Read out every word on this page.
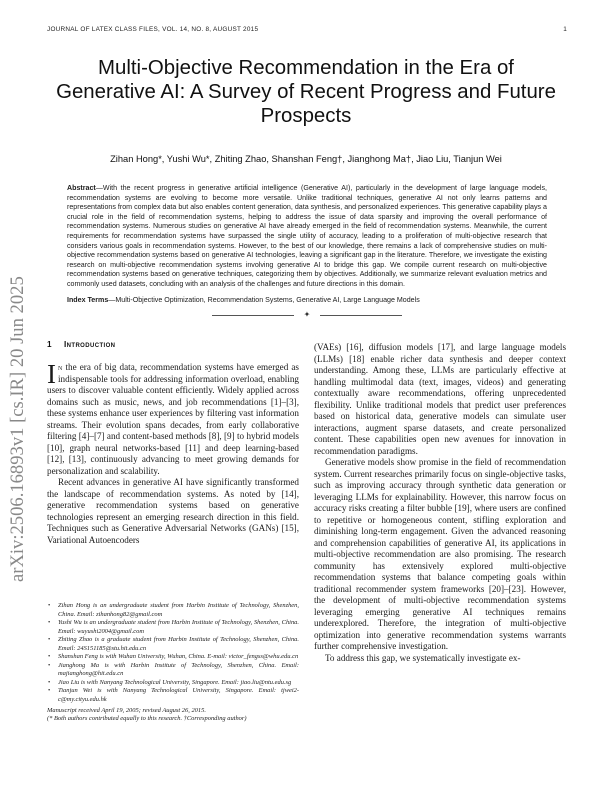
JOURNAL OF LATEX CLASS FILES, VOL. 14, NO. 8, AUGUST 2015	1
arXiv:2506.16893v1 [cs.IR] 20 Jun 2025
Multi-Objective Recommendation in the Era of Generative AI: A Survey of Recent Progress and Future Prospects
Zihan Hong*, Yushi Wu*, Zhiting Zhao, Shanshan Feng†, Jianghong Ma†, Jiao Liu, Tianjun Wei
Abstract—With the recent progress in generative artificial intelligence (Generative AI), particularly in the development of large language models, recommendation systems are evolving to become more versatile. Unlike traditional techniques, generative AI not only learns patterns and representations from complex data but also enables content generation, data synthesis, and personalized experiences. This generative capability plays a crucial role in the field of recommendation systems, helping to address the issue of data sparsity and improving the overall performance of recommendation systems. Numerous studies on generative AI have already emerged in the field of recommendation systems. Meanwhile, the current requirements for recommendation systems have surpassed the single utility of accuracy, leading to a proliferation of multi-objective research that considers various goals in recommendation systems. However, to the best of our knowledge, there remains a lack of comprehensive studies on multi-objective recommendation systems based on generative AI technologies, leaving a significant gap in the literature. Therefore, we investigate the existing research on multi-objective recommendation systems involving generative AI to bridge this gap. We compile current research on multi-objective recommendation systems based on generative techniques, categorizing them by objectives. Additionally, we summarize relevant evaluation metrics and commonly used datasets, concluding with an analysis of the challenges and future directions in this domain.
Index Terms—Multi-Objective Optimization, Recommendation Systems, Generative AI, Large Language Models
✦
1 Introduction

In the era of big data, recommendation systems have emerged as indispensable tools for addressing information overload, enabling users to discover valuable content efficiently. Widely applied across domains such as music, news, and job recommendations [1]–[3], these systems enhance user experiences by filtering vast information streams. Their evolution spans decades, from early collaborative filtering [4]–[7] and content-based methods [8], [9] to hybrid models [10], graph neural networks-based [11] and deep learning-based [12], [13], continuously advancing to meet growing demands for personalization and scalability.

Recent advances in generative AI have significantly transformed the landscape of recommendation systems. As noted by [14], generative recommendation systems based on generative technologies represent an emerging research direction in this field. Techniques such as Generative Adversarial Networks (GANs) [15], Variational Autoencoders

(VAEs) [16], diffusion models [17], and large language models (LLMs) [18] enable richer data synthesis and deeper context understanding. Among these, LLMs are particularly effective at handling multimodal data (text, images, videos) and generating contextually aware recommendations, offering unprecedented flexibility. Unlike traditional models that predict user preferences based on historical data, generative models can simulate user interactions, augment sparse datasets, and create personalized content. These capabilities open new avenues for innovation in recommendation paradigms.

Generative models show promise in the field of recommendation system. Current researches primarily focus on single-objective tasks, such as improving accuracy through synthetic data generation or leveraging LLMs for explainability. However, this narrow focus on accuracy risks creating a filter bubble [19], where users are confined to repetitive or homogeneous content, stifling exploration and diminishing long-term engagement. Given the advanced reasoning and comprehension capabilities of generative AI, its applications in multi-objective recommendation are also promising. The research community has extensively explored multi-objective recommendation systems that balance competing goals within traditional recommender system frameworks [20]–[23]. However, the development of multi-objective recommendation systems leveraging emerging generative AI techniques remains underexplored. Therefore, the integration of multi-objective optimization into generative recommendation systems warrants further comprehensive investigation.

To address this gap, we systematically investigate ex-

• Zihan Hong is an undergraduate student from Harbin Institute of Technology, Shenzhen, China. Email: zihanhong82@gmail.com
• Yushi Wu is an undergraduate student from Harbin Institute of Technology, Shenzhen, China. Email: wuyushi2004@gmail.com
• Zhiting Zhao is a graduate student from Harbin Institute of Technology, Shenzhen, China. Email: 24S151185@stu.hit.edu.cn
• Shanshan Feng is with Wuhan University, Wuhan, China. E-mail: victor_fengss@whu.edu.cn
• Jianghong Ma is with Harbin Institute of Technology, Shenzhen, China. Email: majianghong@hit.edu.cn
• Jiao Liu is with Nanyang Technological University, Singapore. Email: jiao.liu@ntu.edu.sg
• Tianjun Wei is with Nanyang Technological University, Singapore. Email: tjwei2-c@my.cityu.edu.hk
Manuscript received April 19, 2005; revised August 26, 2015.
(* Both authors contributed equally to this research. †Corresponding author)
